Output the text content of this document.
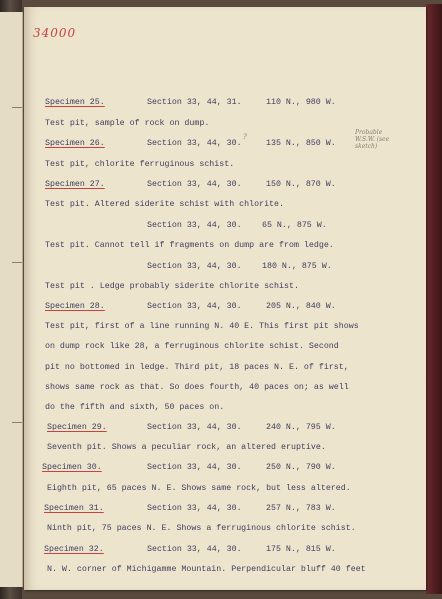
34000
Specimen 25.	Section 33, 44, 31.	110 N., 980 W.
Test pit, sample of rock on dump.
Specimen 26.	Section 33, 44, 30.	135 N., 850 W.
Test pit, chlorite ferruginous schist.
Specimen 27.	Section 33, 44, 30.	150 N., 870 W.
Test pit. Altered siderite schist with chlorite.
Section 33, 44, 30. 65 N., 875 W.
Test pit. Cannot tell if fragments on dump are from ledge.
Section 33, 44, 30. 180 N., 875 W.
Test pit . Ledge probably siderite chlorite schist.
Specimen 28.	Section 33, 44, 30.	205 N., 840 W.
Test pit, first of a line running N. 40 E. This first pit shows
on dump rock like 28, a ferruginous chlorite schist. Second
pit no bottomed in ledge. Third pit, 18 paces N. E. of first,
shows same rock as that. So does fourth, 40 paces on; as well
do the fifth and sixth, 50 paces on.
Specimen 29.	Section 33, 44, 30.	240 N., 795 W.
Seventh pit. Shows a peculiar rock, an altered eruptive.
Specimen 30.	Section 33, 44, 30.	250 N., 790 W.
Eighth pit, 65 paces N. E. Shows same rock, but less altered.
Specimen 31.	Section 33, 44, 30.	257 N., 783 W.
Ninth pit, 75 paces N. E. Shows a ferruginous chlorite schist.
Specimen 32.	Section 33, 44, 30.	175 N., 815 W.
N. W. corner of Michigamme Mountain. Perpendicular bluff 40 feet
Probable
W.S.W. (see
sketch)
?
